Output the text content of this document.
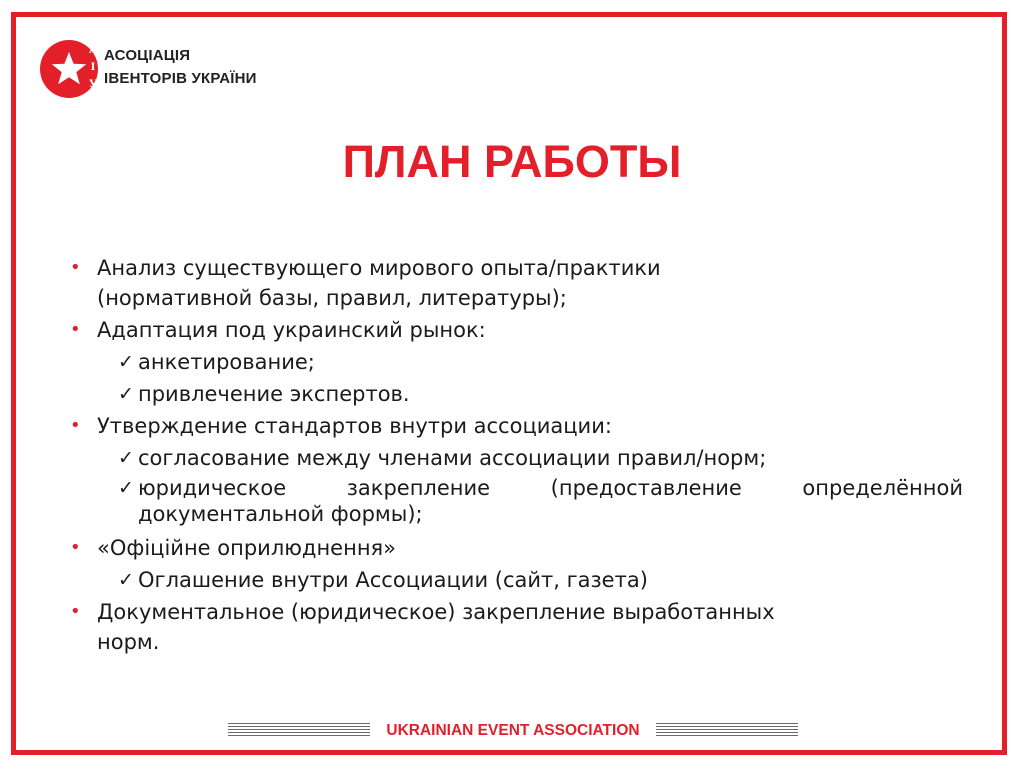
А
І
У
АСОЦІАЦІЯ
ІВЕНТОРІВ УКРАЇНИ
ПЛАН РАБОТЫ
• Анализ существующего мирового опыта/практики
(нормативной базы, правил, литературы);
• Адаптация под украинский рынок:
✓ анкетирование;
✓ привлечение экспертов.
• Утверждение стандартов внутри ассоциации:
✓ согласование между членами ассоциации правил/норм;
✓ юридическое закрепление (предоставление определённой документальной формы);
• «Офіційне оприлюднення»
✓ Оглашение внутри Ассоциации (сайт, газета)
• Документальное (юридическое) закрепление выработанных
норм.
UKRAINIAN EVENT ASSOCIATION
